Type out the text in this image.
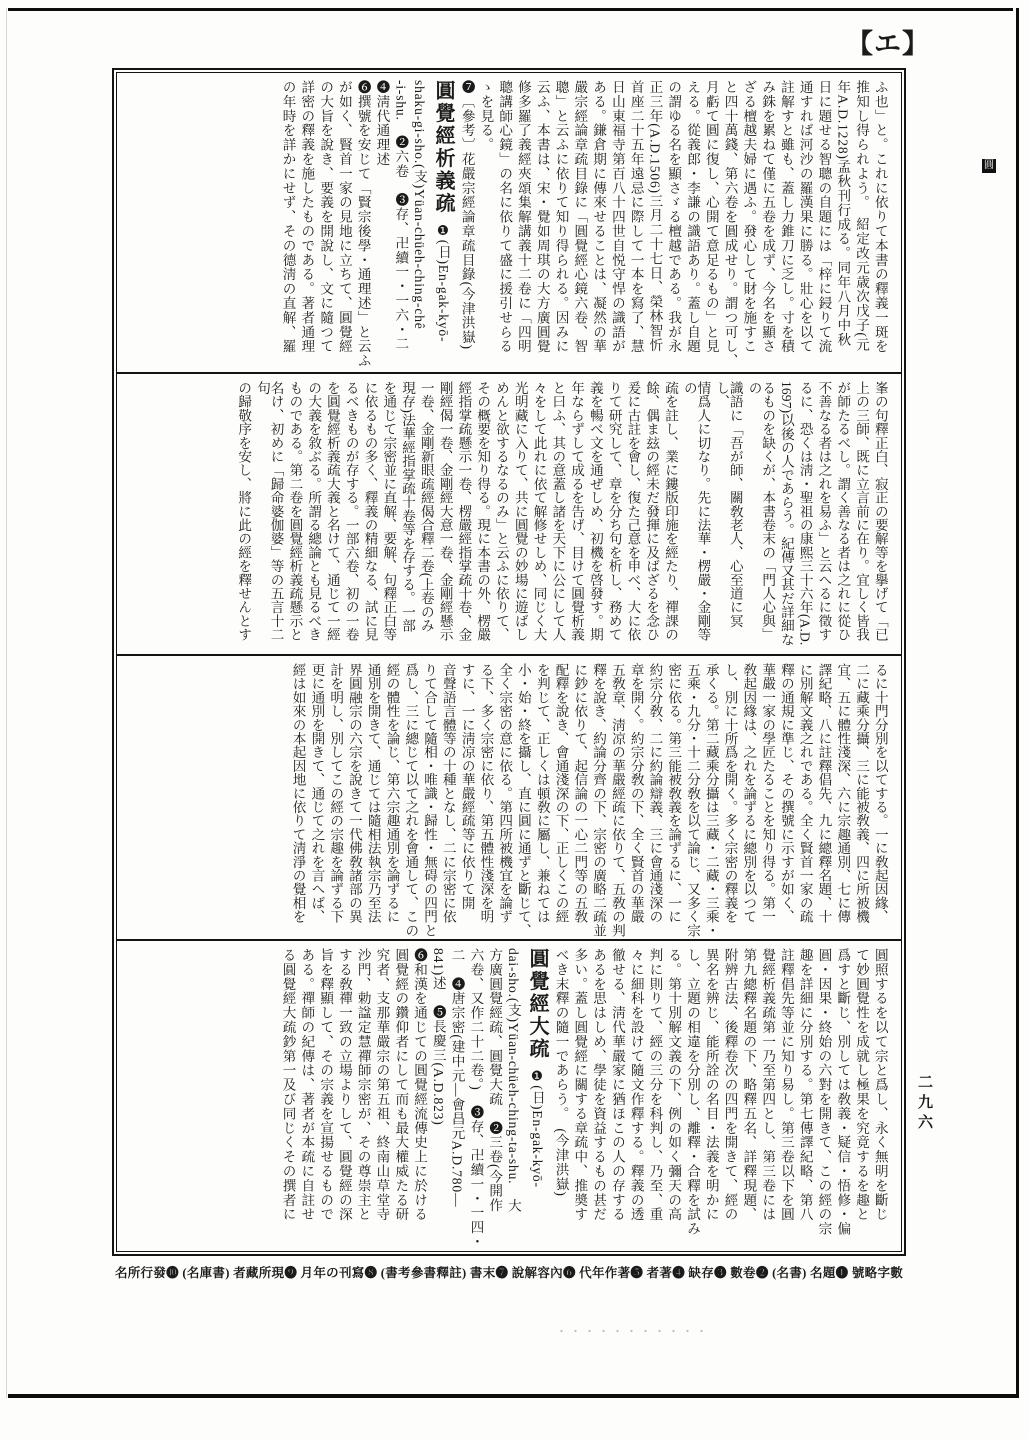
【エ】
圓

ふ也」と。これに依りて本書の釋義一斑を

推知し得られよう。　紹定改元歳次戊子(元

年A.D.1228)孟秋刊行成る。同年八月中秋

日に題せる智聰の自題には「梓に鋟りて流

通すれば河沙の羅漢果に勝る。壯心を以て

註解すと雖も、蓋し力錐刀に乏し。寸を積

み銖を累ねて僅に五卷を成ず、今名を顯さ

ざる檀越夫婦に遇ふ。發心して財を施すこ

と四十萬錢、第六卷を圓成せり。謂つ可し、

月虧て圓に復し、心開て意足るもの」と見

える。從義郎・李謙の識語あり。蓋し自題

の謂ゆる名を顯さゞる檀越である。我が永

正三年(A.D.1506)三月二十七日、榮林智忻

首座二十五年遠忌に際して一本を寫了、慧

日山東福寺第百八十四世自悦守悍の識語が

ある。鎌倉期に傳來せることは、凝然の華

嚴宗經論章疏目錄に「圓覺經心鏡六卷、智

聰」と云ふに依りて知り得られる。因みに

云ふ、本書は、宋・覺如周琪の大方廣圓覺

修多羅了義經夾頌集解講義十二卷に「四明

聰講師心鏡」の名に依りて盛に援引せらる

ゝを見る。

❼〔參考〕花嚴宗經論章疏目錄(今津洪嶽)

圓覺經析義疏❶(日)En-gak-kyō-

shaku-gi-sho.(支)Yüan-chüeh-ching-chê

-i-shu.　❷六卷　❸存、卍續一・一六・二

❹淸代通理述

❻撰號を安じて「賢宗後學・通理述」と云ふ

が如く、賢首一家の見地に立ちて、圓覺經

の大旨を說き、要義を開說し、文に隨つて

詳密の釋義を施したものである。著者通理

の年時を詳かにせず、その德淸の直解、羅

峯の句釋正白、寂正の要解等を擧げて「已

上の三師、既に立言前に在り。宜しく皆我

が師たるべし。謂く善なる者は之れに從ひ

不善なる者は之れを易ふ」と云へるに徵す

るに、恐くは淸・聖祖の康熙三十六年(A.D.

1697)以後の人であらう。紀傳又甚だ詳細な

るものを缺くが、本書卷末の「門人心與」の

識語に「吾が師、關敎老人、心至道に冥し、

情爲人に切なり。先に法華・楞嚴・金剛等の

疏を註し、業に鏤版印施を經たり、禪課の

餘、偶ま玆の經未だ發揮に及ばざるを念ひ

爰に古註を會し、復た己意を申べ、大に依

りて研究して、章を分ち句を析し、務めて

義を暢べ文を通ぜしめ、初機を啓發す。期

年ならずして成るを告げ、目けて圓覺析義

と曰ふ、其の意蓋し諸を天下に公にして人

々をして此れに依て解修せしめ、同じく大

光明藏に入りて、共に圓覺の妙場に遊ばし

めんと欲するなるのみ」と云ふに依りて、

その概要を知り得る。現に本書の外、楞嚴

經指掌疏懸示一卷、楞嚴經指掌疏十卷、金

剛經偈一卷、金剛經大意一卷、金剛經懸示

一卷、金剛新眼疏經偈合釋二卷(上卷のみ

現存)法華經指掌疏十卷等を存する。一部

を通じて宗密並に直解、要解、句釋正白等

に依るもの多く、釋義の精細なる、試に見

るべきものが存する。一部六卷、初の一卷

を圓覺經析義疏大義と名けて、通じて一經

の大義を敘ぶる。所謂る總論とも見るべき

ものである。第二卷を圓覺經析義疏懸示と

名け、初めに「歸命婆伽婆」等の五言十二句

の歸敬序を安し、將に此の經を釋せんとす

るに十門分別を以てする。一に敎起因緣、

二に藏乘分攝、三に能被敎義、四に所被機

宜、五に體性淺深、六に宗趣通別、七に傳

譯紀略、八に註釋倡先、九に總釋名題、十

に別解文義之れである。全く賢首一家の疏

釋の通規に準じ、その撰號に示すが如く、

華嚴一家の學匠たることを知り得る。第一

敎起因緣は、之れを論ずるに總別を以つて

し、別に十所爲を開く。多く宗密の釋義を

承くる。第二藏乘分攝は三藏・二藏・三乘・

五乘・九分・十二分敎を以て論じ、又多く宗

密に依る。第三能被敎義を論ずるに、一に

約宗分敎、二に約論辯義、三に會通淺深の

章を開く。約宗分敎の下、全く賢首の華嚴

五敎章、淸凉の華嚴經疏に依りて、五敎の判

釋を說き、約論分齊の下、宗密の廣略二疏並

に鈔に依りて、起信論の一心二門等の五敎

配釋を說き、會通淺深の下、正しくこの經

を判じて、正しくは頓敎に屬し、兼ねては

小・始・終を攝し、直に圓に通ずと斷じて、

全く宗密の意に依る。第四所被機宜を論ず

る下、多く宗密に依り、第五體性淺深を明

すに、一に淸凉の華嚴經疏等に依りて開

音聲語言體等の十種となし、二に宗密に依

りて合して隨相・唯識・歸性・無碍の四門と

爲し、三に總じて以て之れを會通して、この

經の體性を論じ、第六宗趣通別を論ずるに

通別を開きて、通じては隨相法執宗乃至法

界圓融宗の六宗を說きて一代佛敎諸部の異

計を明し、別してこの經の宗趣を論ずる下

更に通別を開きて、通じて之れを言へば、

經は如來の本起因地に依りて淸淨の覺相を

圓照するを以て宗と爲し、永く無明を斷じ

て妙圓覺性を成就し極果を究竟するを趣と

爲すと斷じ、別しては敎義・疑信・悟修・偏

圓・因果・終始の六對を開きて、この經の宗

趣を詳細に分別する。第七傳譯紀略、第八

註釋倡先等並に知り易し。第三卷以下を圓

覺經析義疏第一乃至第四とし、第三卷には

第九總釋名題の下、略釋五名、詳釋現題、

附辨古法、後釋卷次の四門を開きて、經の

異名を辨じ、能所詮の名目・法義を明かに

し、立題の相違を分別し、離釋・合釋を試み

る。第十別解文義の下、例の如く彌天の高

判に則りて、經の三分を科判し、乃至、重

々に細科を設けて隨文作釋する。釋義の透

徹せる、淸代華嚴家に猶ほこの人の存する

あるを思はしめ、學徒を資益するもの甚だ

多い。蓋し圓覺經に關する章疏中、推奬す

べき末釋の隨一であらう。　(今津洪嶽)

圓覺經大疏❶(日)En-gak-kyō-

dai-sho.(支)Yüan-chüeh-ching-ta-shu.　大

方廣圓覺經疏、圓覺大疏　❷三卷(今開作

六卷、又作二十二卷。)　❸存、卍續一・一四・

二　❹唐宗密(建中元—會昌元A.D.780—

841)述　❺長慶三(A.D.823)

❻和漢を通じての圓覺經流傳史上に於ける

圓覺經の鑽仰者にして而も最大權威たる研

究者、支那華嚴宗の第五祖、終南山草堂寺

沙門、勅諡定慧禪師宗密が、その尊崇主と

する敎禪一致の立場よりして、圓覺經の深

旨を釋顯して、その宗義を宣揚せるもので

ある。禪師の紀傳は、著者が本疏に自註せ

る圓覺經大疏鈔第一及び同じくその撰者に	二九六
名所行發❿ (名庫書) 者藏所現❾ 月年の刊寫❽ (書考參書釋註) 書末❼ 說解容內❻ 代年作著❺ 者著❹ 缺存❸ 數卷❷ (名書) 名題❶ 號略字數
・・・・・・・・・・・
